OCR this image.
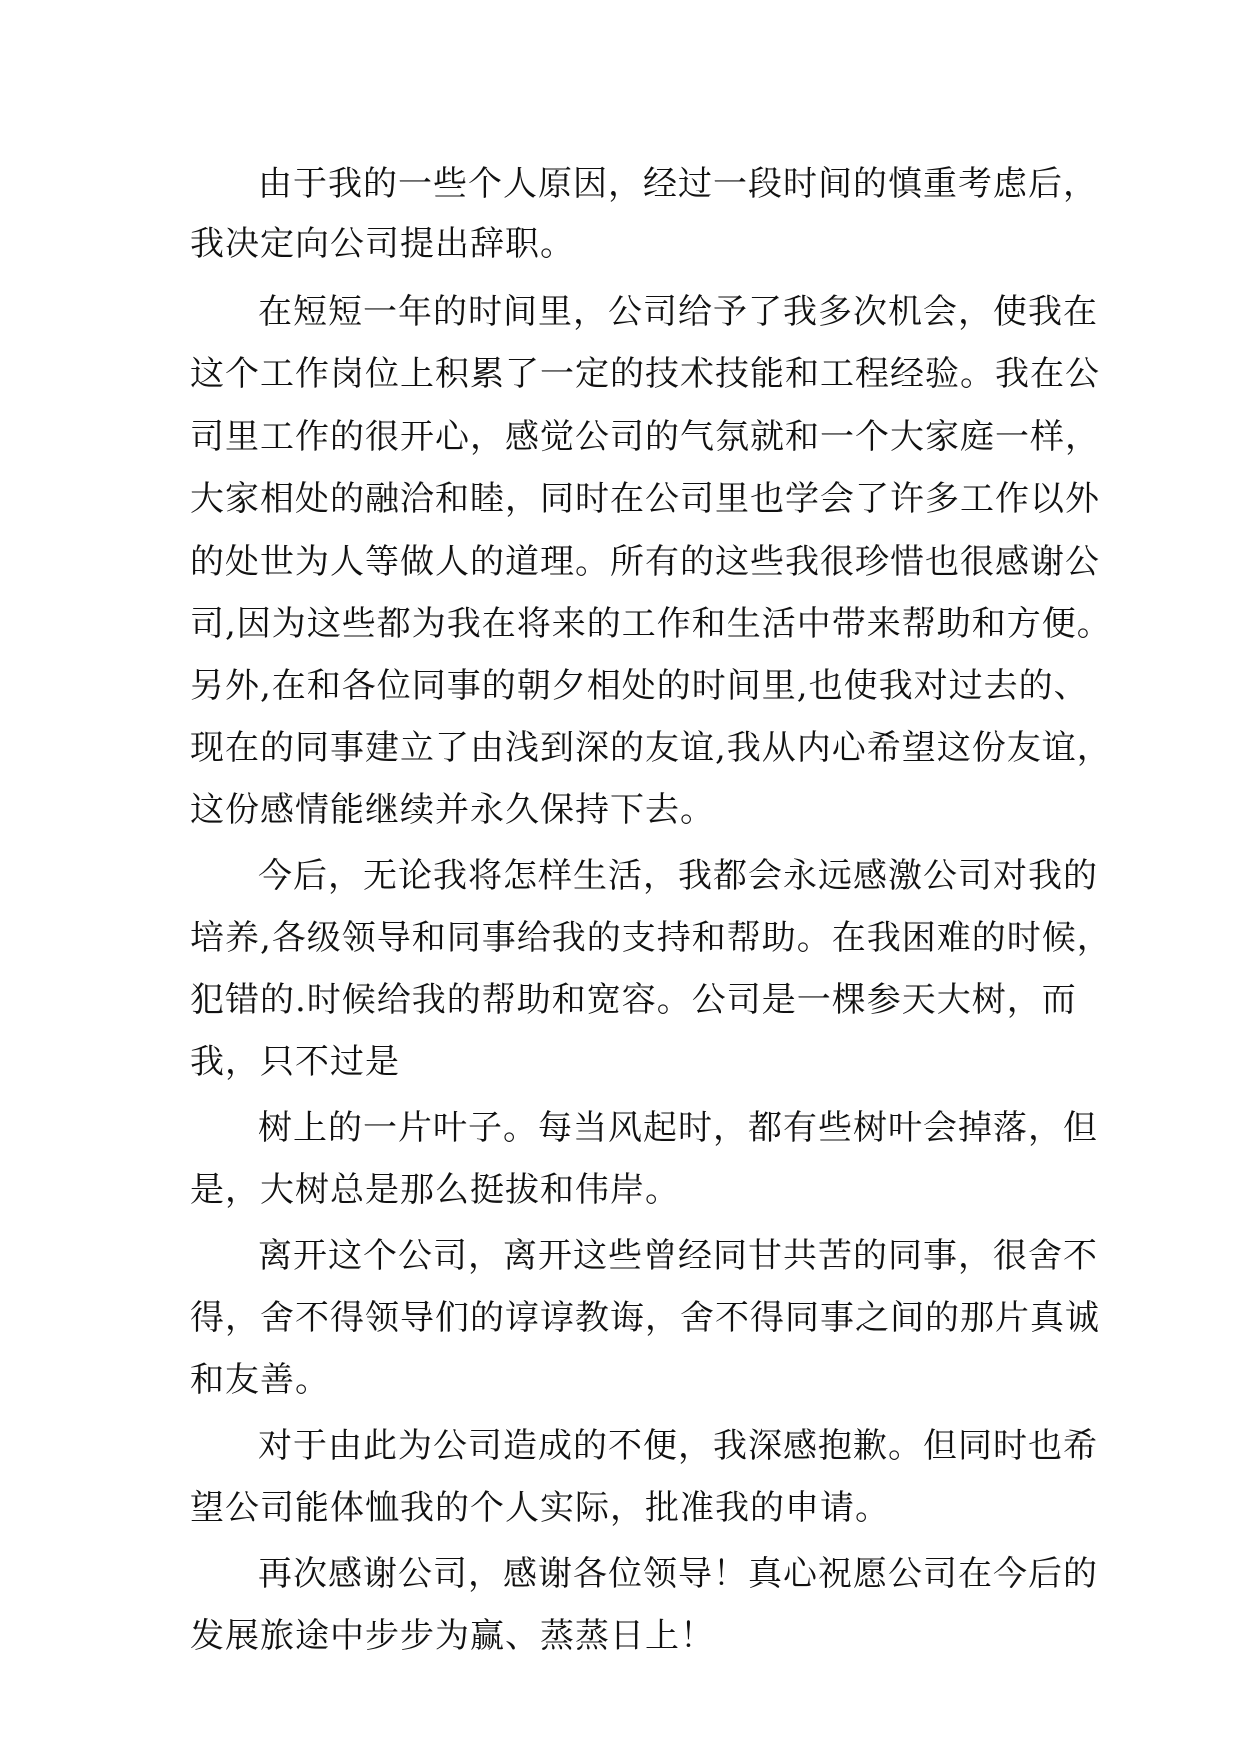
由于我的一些个人原因，经过一段时间的慎重考虑后，
我决定向公司提出辞职。
在短短一年的时间里，公司给予了我多次机会，使我在
这个工作岗位上积累了一定的技术技能和工程经验。我在公
司里工作的很开心，感觉公司的气氛就和一个大家庭一样，
大家相处的融洽和睦，同时在公司里也学会了许多工作以外
的处世为人等做人的道理。所有的这些我很珍惜也很感谢公
司,因为这些都为我在将来的工作和生活中带来帮助和方便。
另外,在和各位同事的朝夕相处的时间里,也使我对过去的、
现在的同事建立了由浅到深的友谊,我从内心希望这份友谊，
这份感情能继续并永久保持下去。
今后，无论我将怎样生活，我都会永远感激公司对我的
培养,各级领导和同事给我的支持和帮助。在我困难的时候，
犯错的.时候给我的帮助和宽容。公司是一棵参天大树，而
我，只不过是
树上的一片叶子。每当风起时，都有些树叶会掉落，但
是，大树总是那么挺拔和伟岸。
离开这个公司，离开这些曾经同甘共苦的同事，很舍不
得，舍不得领导们的谆谆教诲，舍不得同事之间的那片真诚
和友善。
对于由此为公司造成的不便，我深感抱歉。但同时也希
望公司能体恤我的个人实际，批准我的申请。
再次感谢公司，感谢各位领导！真心祝愿公司在今后的
发展旅途中步步为赢、蒸蒸日上！
